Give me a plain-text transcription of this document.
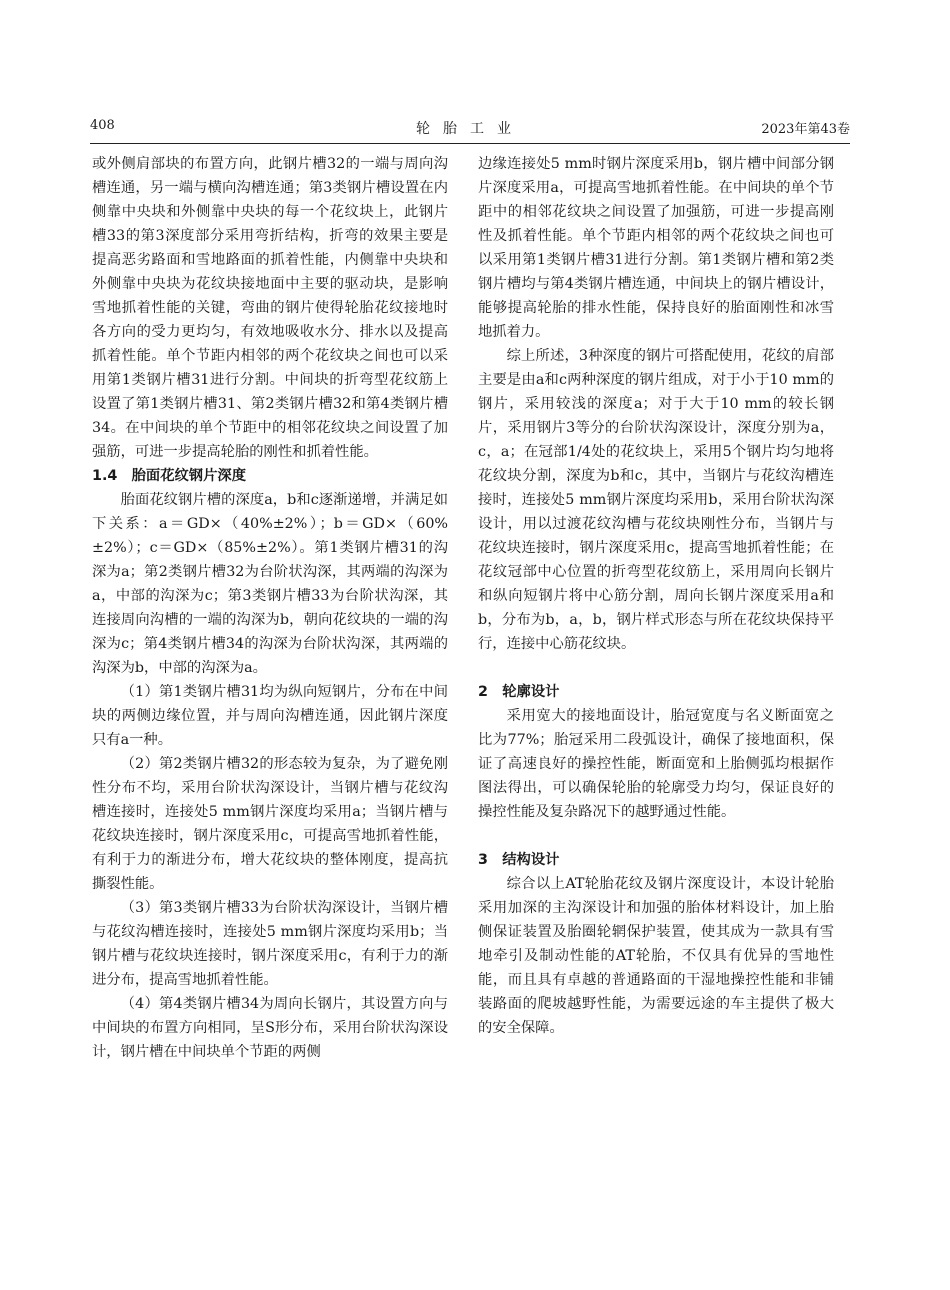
408	轮胎工业	2023年第43卷

或外侧肩部块的布置方向，此钢片槽32的一端与周向沟槽连通，另一端与横向沟槽连通；第3类钢片槽设置在内侧靠中央块和外侧靠中央块的每一个花纹块上，此钢片槽33的第3深度部分采用弯折结构，折弯的效果主要是提高恶劣路面和雪地路面的抓着性能，内侧靠中央块和外侧靠中央块为花纹块接地面中主要的驱动块，是影响雪地抓着性能的关键，弯曲的钢片使得轮胎花纹接地时各方向的受力更均匀，有效地吸收水分、排水以及提高抓着性能。单个节距内相邻的两个花纹块之间也可以采用第1类钢片槽31进行分割。中间块的折弯型花纹筋上设置了第1类钢片槽31、第2类钢片槽32和第4类钢片槽34。在中间块的单个节距中的相邻花纹块之间设置了加强筋，可进一步提高轮胎的刚性和抓着性能。

1.4 胎面花纹钢片深度

胎面花纹钢片槽的深度a，b和c逐渐递增，并满足如下关系：a＝GD×（40%±2%）；b＝GD×（60%±2%）；c＝GD×（85%±2%）。第1类钢片槽31的沟深为a；第2类钢片槽32为台阶状沟深，其两端的沟深为a，中部的沟深为c；第3类钢片槽33为台阶状沟深，其连接周向沟槽的一端的沟深为b，朝向花纹块的一端的沟深为c；第4类钢片槽34的沟深为台阶状沟深，其两端的沟深为b，中部的沟深为a。

（1）第1类钢片槽31均为纵向短钢片，分布在中间块的两侧边缘位置，并与周向沟槽连通，因此钢片深度只有a一种。

（2）第2类钢片槽32的形态较为复杂，为了避免刚性分布不均，采用台阶状沟深设计，当钢片槽与花纹沟槽连接时，连接处5 mm钢片深度均采用a；当钢片槽与花纹块连接时，钢片深度采用c，可提高雪地抓着性能，有利于力的渐进分布，增大花纹块的整体刚度，提高抗撕裂性能。

（3）第3类钢片槽33为台阶状沟深设计，当钢片槽与花纹沟槽连接时，连接处5 mm钢片深度均采用b；当钢片槽与花纹块连接时，钢片深度采用c，有利于力的渐进分布，提高雪地抓着性能。

（4）第4类钢片槽34为周向长钢片，其设置方向与中间块的布置方向相同，呈S形分布，采用台阶状沟深设计，钢片槽在中间块单个节距的两侧

边缘连接处5 mm时钢片深度采用b，钢片槽中间部分钢片深度采用a，可提高雪地抓着性能。在中间块的单个节距中的相邻花纹块之间设置了加强筋，可进一步提高刚性及抓着性能。单个节距内相邻的两个花纹块之间也可以采用第1类钢片槽31进行分割。第1类钢片槽和第2类钢片槽均与第4类钢片槽连通，中间块上的钢片槽设计，能够提高轮胎的排水性能，保持良好的胎面刚性和冰雪地抓着力。

综上所述，3种深度的钢片可搭配使用，花纹的肩部主要是由a和c两种深度的钢片组成，对于小于10 mm的钢片，采用较浅的深度a；对于大于10 mm的较长钢片，采用钢片3等分的台阶状沟深设计，深度分别为a，c，a；在冠部1/4处的花纹块上，采用5个钢片均匀地将花纹块分割，深度为b和c，其中，当钢片与花纹沟槽连接时，连接处5 mm钢片深度均采用b，采用台阶状沟深设计，用以过渡花纹沟槽与花纹块刚性分布，当钢片与花纹块连接时，钢片深度采用c，提高雪地抓着性能；在花纹冠部中心位置的折弯型花纹筋上，采用周向长钢片和纵向短钢片将中心筋分割，周向长钢片深度采用a和b，分布为b，a，b，钢片样式形态与所在花纹块保持平行，连接中心筋花纹块。

2 轮廓设计

采用宽大的接地面设计，胎冠宽度与名义断面宽之比为77%；胎冠采用二段弧设计，确保了接地面积，保证了高速良好的操控性能，断面宽和上胎侧弧均根据作图法得出，可以确保轮胎的轮廓受力均匀，保证良好的操控性能及复杂路况下的越野通过性能。

3 结构设计

综合以上AT轮胎花纹及钢片深度设计，本设计轮胎采用加深的主沟深设计和加强的胎体材料设计，加上胎侧保证装置及胎圈轮辋保护装置，使其成为一款具有雪地牵引及制动性能的AT轮胎，不仅具有优异的雪地性能，而且具有卓越的普通路面的干湿地操控性能和非铺装路面的爬坡越野性能，为需要远途的车主提供了极大的安全保障。
